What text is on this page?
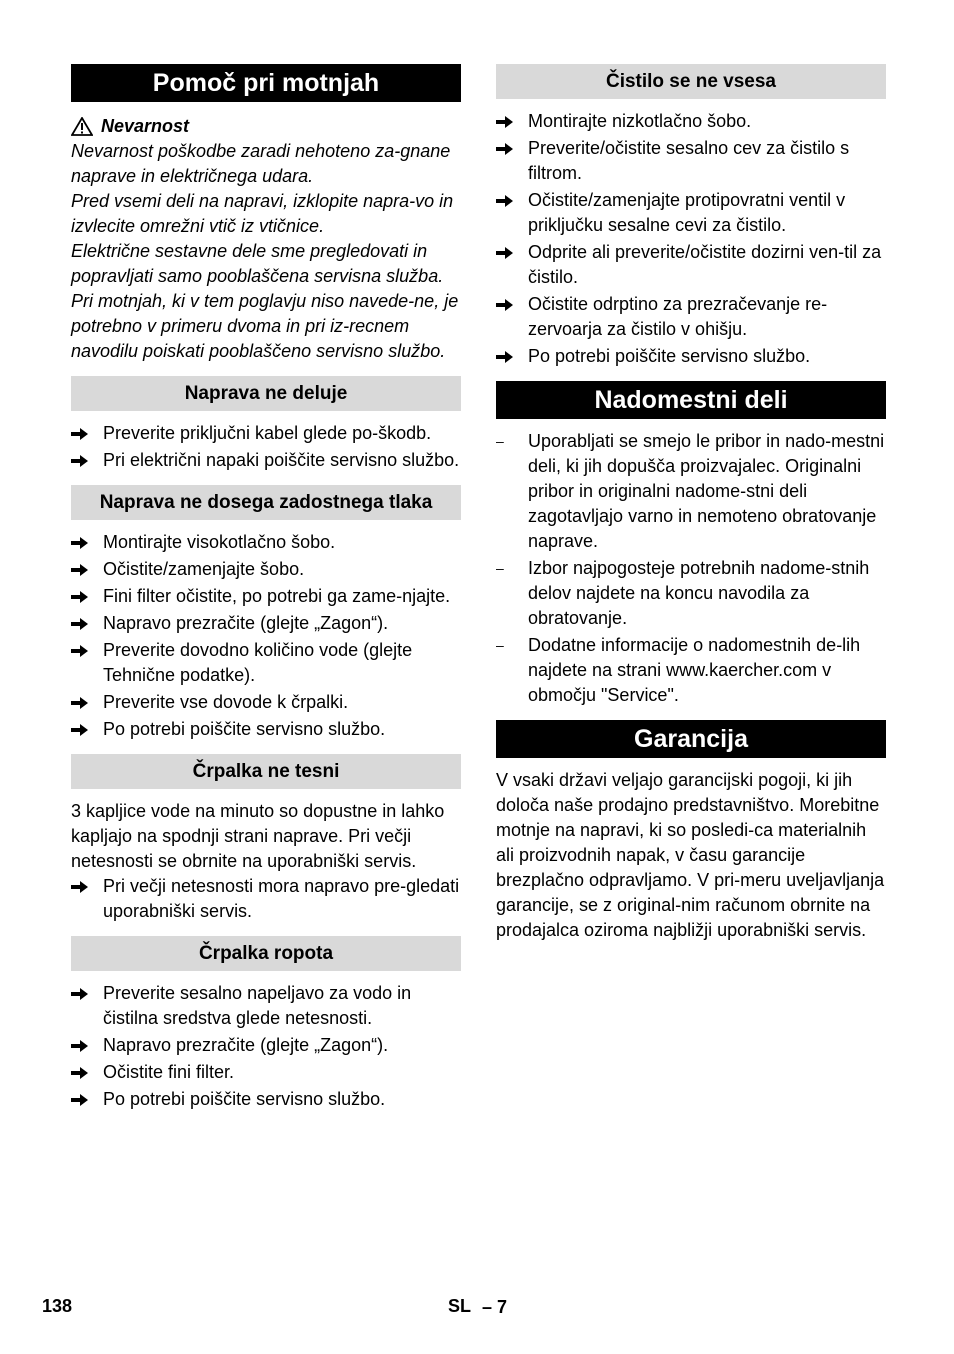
Pomoč pri motnjah
Nevarnost

Nevarnost poškodbe zaradi nehoteno za-gnane naprave in električnega udara.

Pred vsemi deli na napravi, izklopite napra-vo in izvlecite omrežni vtič iz vtičnice.

Električne sestavne dele sme pregledovati in popravljati samo pooblaščena servisna služba.

Pri motnjah, ki v tem poglavju niso navede-ne, je potrebno v primeru dvoma in pri iz-recnem navodilu poiskati pooblaščeno servisno službo.

Naprava ne deluje
Preverite priključni kabel glede po-škodb.
Pri električni napaki poiščite servisno službo.
Naprava ne dosega zadostnega tlaka
Montirajte visokotlačno šobo.
Očistite/zamenjajte šobo.
Fini filter očistite, po potrebi ga zame-njajte.
Napravo prezračite (glejte „Zagon“).
Preverite dovodno količino vode (glejte Tehnične podatke).
Preverite vse dovode k črpalki.
Po potrebi poiščite servisno službo.
Črpalka ne tesni

3 kapljice vode na minuto so dopustne in lahko kapljajo na spodnji strani naprave. Pri večji netesnosti se obrnite na uporabniški servis.

Pri večji netesnosti mora napravo pre-gledati uporabniški servis.
Črpalka ropota
Preverite sesalno napeljavo za vodo in čistilna sredstva glede netesnosti.
Napravo prezračite (glejte „Zagon“).
Očistite fini filter.
Po potrebi poiščite servisno službo.
Čistilo se ne vsesa
Montirajte nizkotlačno šobo.
Preverite/očistite sesalno cev za čistilo s filtrom.
Očistite/zamenjajte protipovratni ventil v priključku sesalne cevi za čistilo.
Odprite ali preverite/očistite dozirni ven-til za čistilo.
Očistite odrptino za prezračevanje re-zervoarja za čistilo v ohišju.
Po potrebi poiščite servisno službo.
Nadomestni deli
–	Uporabljati se smejo le pribor in nado-mestni deli, ki jih dopušča proizvajalec. Originalni pribor in originalni nadome-stni deli zagotavljajo varno in nemoteno obratovanje naprave.
–	Izbor najpogosteje potrebnih nadome-stnih delov najdete na koncu navodila za obratovanje.
–	Dodatne informacije o nadomestnih de-lih najdete na strani www.kaercher.com v območju "Service".
Garancija

V vsaki državi veljajo garancijski pogoji, ki jih določa naše prodajno predstavništvo. Morebitne motnje na napravi, ki so posledi-ca materialnih ali proizvodnih napak, v času garancije brezplačno odpravljamo. V pri-meru uveljavljanja garancije, se z original-nim računom obrnite na prodajalca oziroma najbližji uporabniški servis.

138	SL – 7
